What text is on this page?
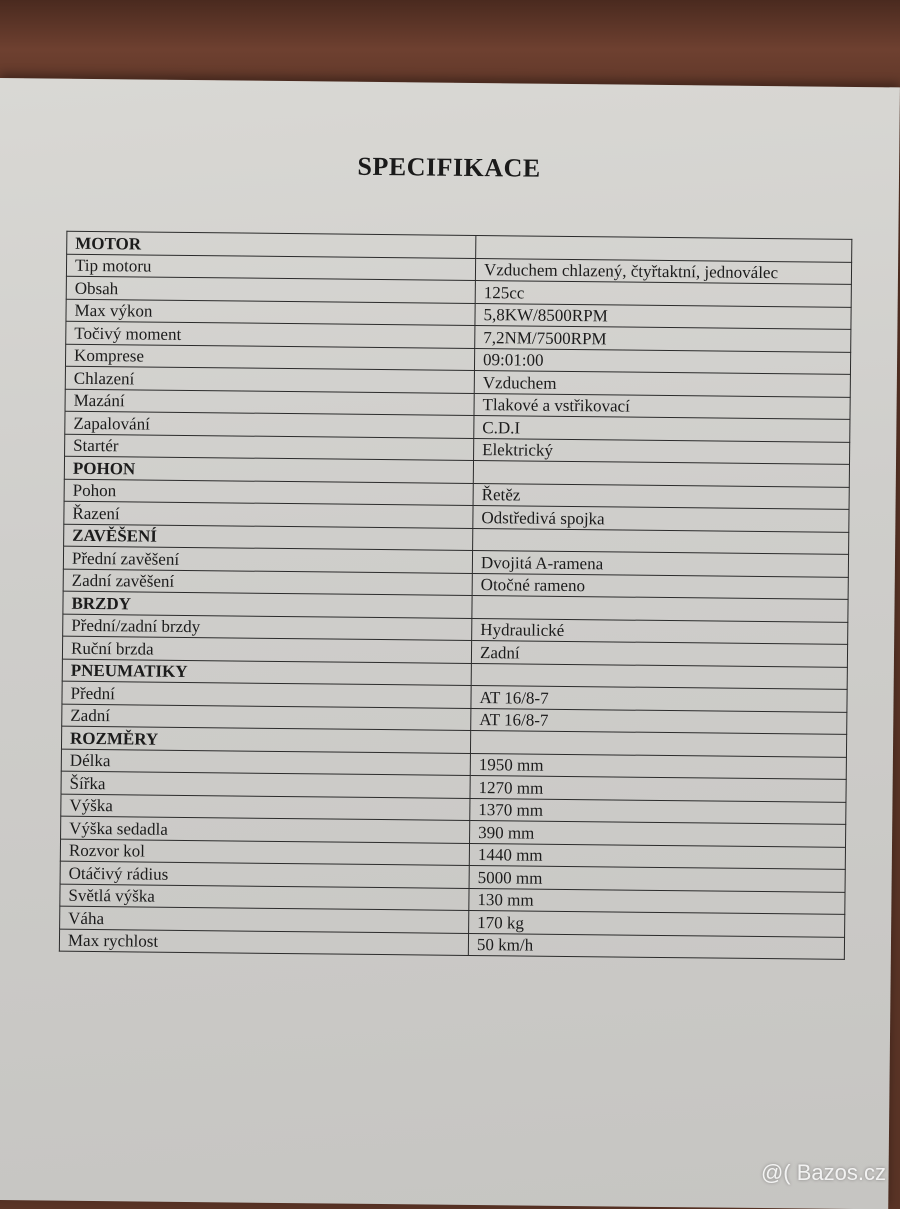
SPECIFIKACE
MOTOR	
Tip motoru	Vzduchem chlazený, čtyřtaktní, jednoválec
Obsah	125cc
Max výkon	5,8KW/8500RPM
Točivý moment	7,2NM/7500RPM
Komprese	09:01:00
Chlazení	Vzduchem
Mazání	Tlakové a vstřikovací
Zapalování	C.D.I
Startér	Elektrický
POHON	
Pohon	Řetěz
Řazení	Odstředivá spojka
ZAVĚŠENÍ	
Přední zavěšení	Dvojitá A-ramena
Zadní zavěšení	Otočné rameno
BRZDY	
Přední/zadní brzdy	Hydraulické
Ruční brzda	Zadní
PNEUMATIKY	
Přední	AT 16/8-7
Zadní	AT 16/8-7
ROZMĚRY	
Délka	1950 mm
Šířka	1270 mm
Výška	1370 mm
Výška sedadla	390 mm
Rozvor kol	1440 mm
Otáčivý rádius	5000 mm
Světlá výška	130 mm
Váha	170 kg
Max rychlost	50 km/h
@( Bazos.cz
